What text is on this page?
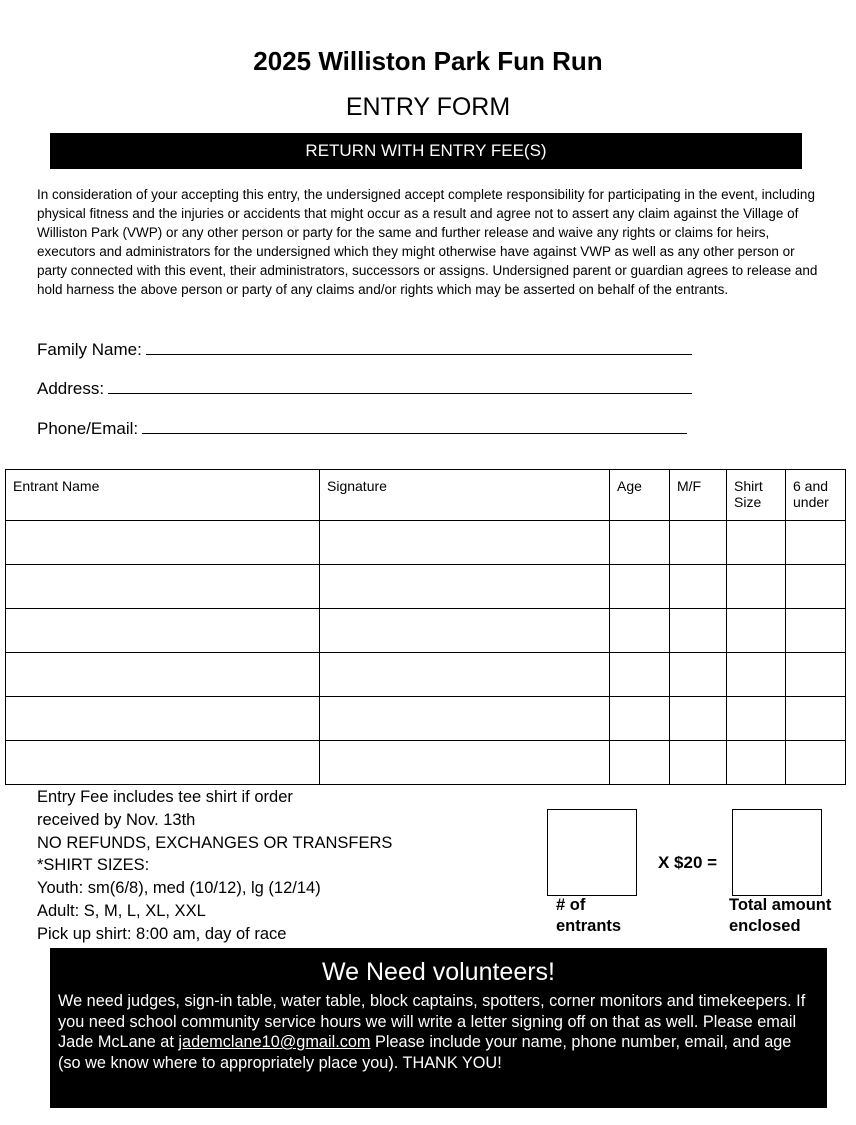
2025 Williston Park Fun Run
ENTRY FORM
RETURN WITH ENTRY FEE(S)
In consideration of your accepting this entry, the undersigned accept complete responsibility for participating in the event, including physical fitness and the injuries or accidents that might occur as a result and agree not to assert any claim against the Village of Williston Park (VWP) or any other person or party for the same and further release and waive any rights or claims for heirs, executors and administrators for the undersigned which they might otherwise have against VWP as well as any other person or party connected with this event, their administrators, successors or assigns. Undersigned parent or guardian agrees to release and hold harness the above person or party of any claims and/or rights which may be asserted on behalf of the entrants.
Family Name:
Address:
Phone/Email:
Entrant Name	Signature	Age	M/F	Shirt Size	6 and under

Entry Fee includes tee shirt if order
received by Nov. 13th
NO REFUNDS, EXCHANGES OR TRANSFERS
*SHIRT SIZES:
Youth: sm(6/8), med (10/12), lg (12/14)
Adult: S, M, L, XL, XXL
Pick up shirt: 8:00 am, day of race
X $20 =
# of
entrants
Total amount
enclosed
We Need volunteers!
We need judges, sign-in table, water table, block captains, spotters, corner monitors and timekeepers. If you need school community service hours we will write a letter signing off on that as well. Please email Jade McLane at jademclane10@gmail.com Please include your name, phone number, email, and age (so we know where to appropriately place you). THANK YOU!
